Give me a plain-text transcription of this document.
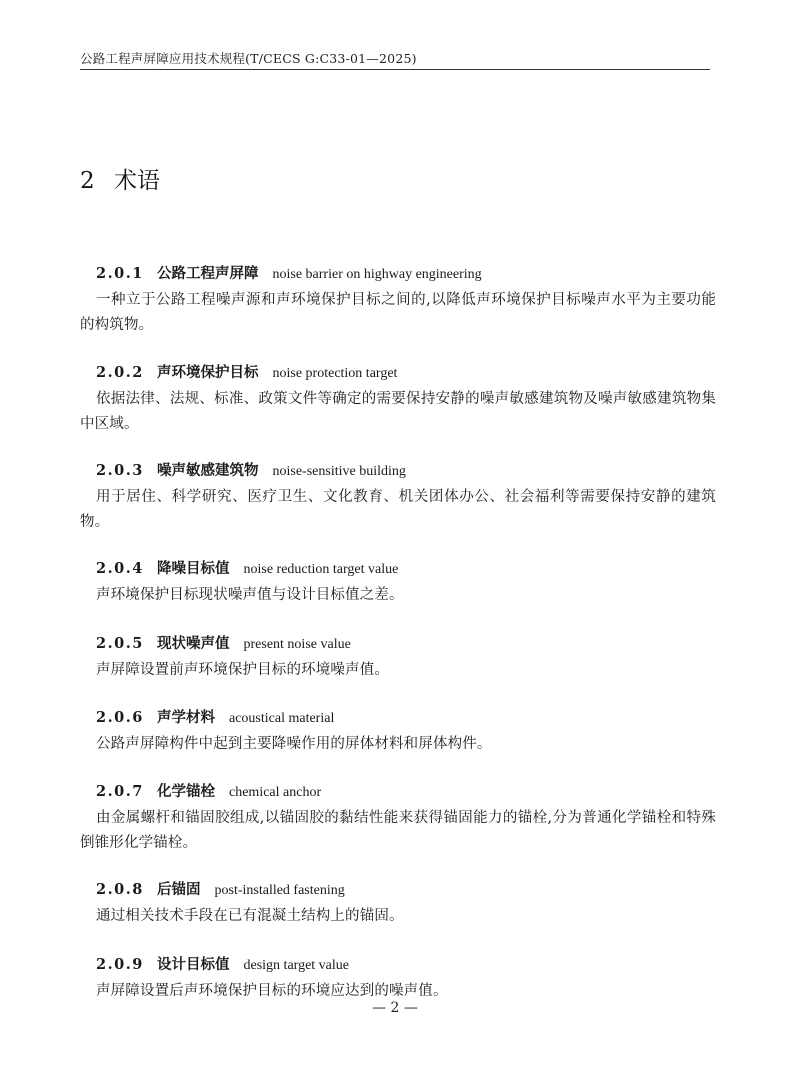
公路工程声屏障应用技术规程(T/CECS G:C33-01—2025)
2 术语
2.0.1 公路工程声屏障 noise barrier on highway engineering
一种立于公路工程噪声源和声环境保护目标之间的,以降低声环境保护目标噪声水平为主要功能的构筑物。
2.0.2 声环境保护目标 noise protection target
依据法律、法规、标准、政策文件等确定的需要保持安静的噪声敏感建筑物及噪声敏感建筑物集中区域。
2.0.3 噪声敏感建筑物 noise-sensitive building
用于居住、科学研究、医疗卫生、文化教育、机关团体办公、社会福利等需要保持安静的建筑物。
2.0.4 降噪目标值 noise reduction target value
声环境保护目标现状噪声值与设计目标值之差。
2.0.5 现状噪声值 present noise value
声屏障设置前声环境保护目标的环境噪声值。
2.0.6 声学材料 acoustical material
公路声屏障构件中起到主要降噪作用的屏体材料和屏体构件。
2.0.7 化学锚栓 chemical anchor
由金属螺杆和锚固胶组成,以锚固胶的黏结性能来获得锚固能力的锚栓,分为普通化学锚栓和特殊倒锥形化学锚栓。
2.0.8 后锚固 post-installed fastening
通过相关技术手段在已有混凝土结构上的锚固。
2.0.9 设计目标值 design target value
声屏障设置后声环境保护目标的环境应达到的噪声值。
— 2 —
